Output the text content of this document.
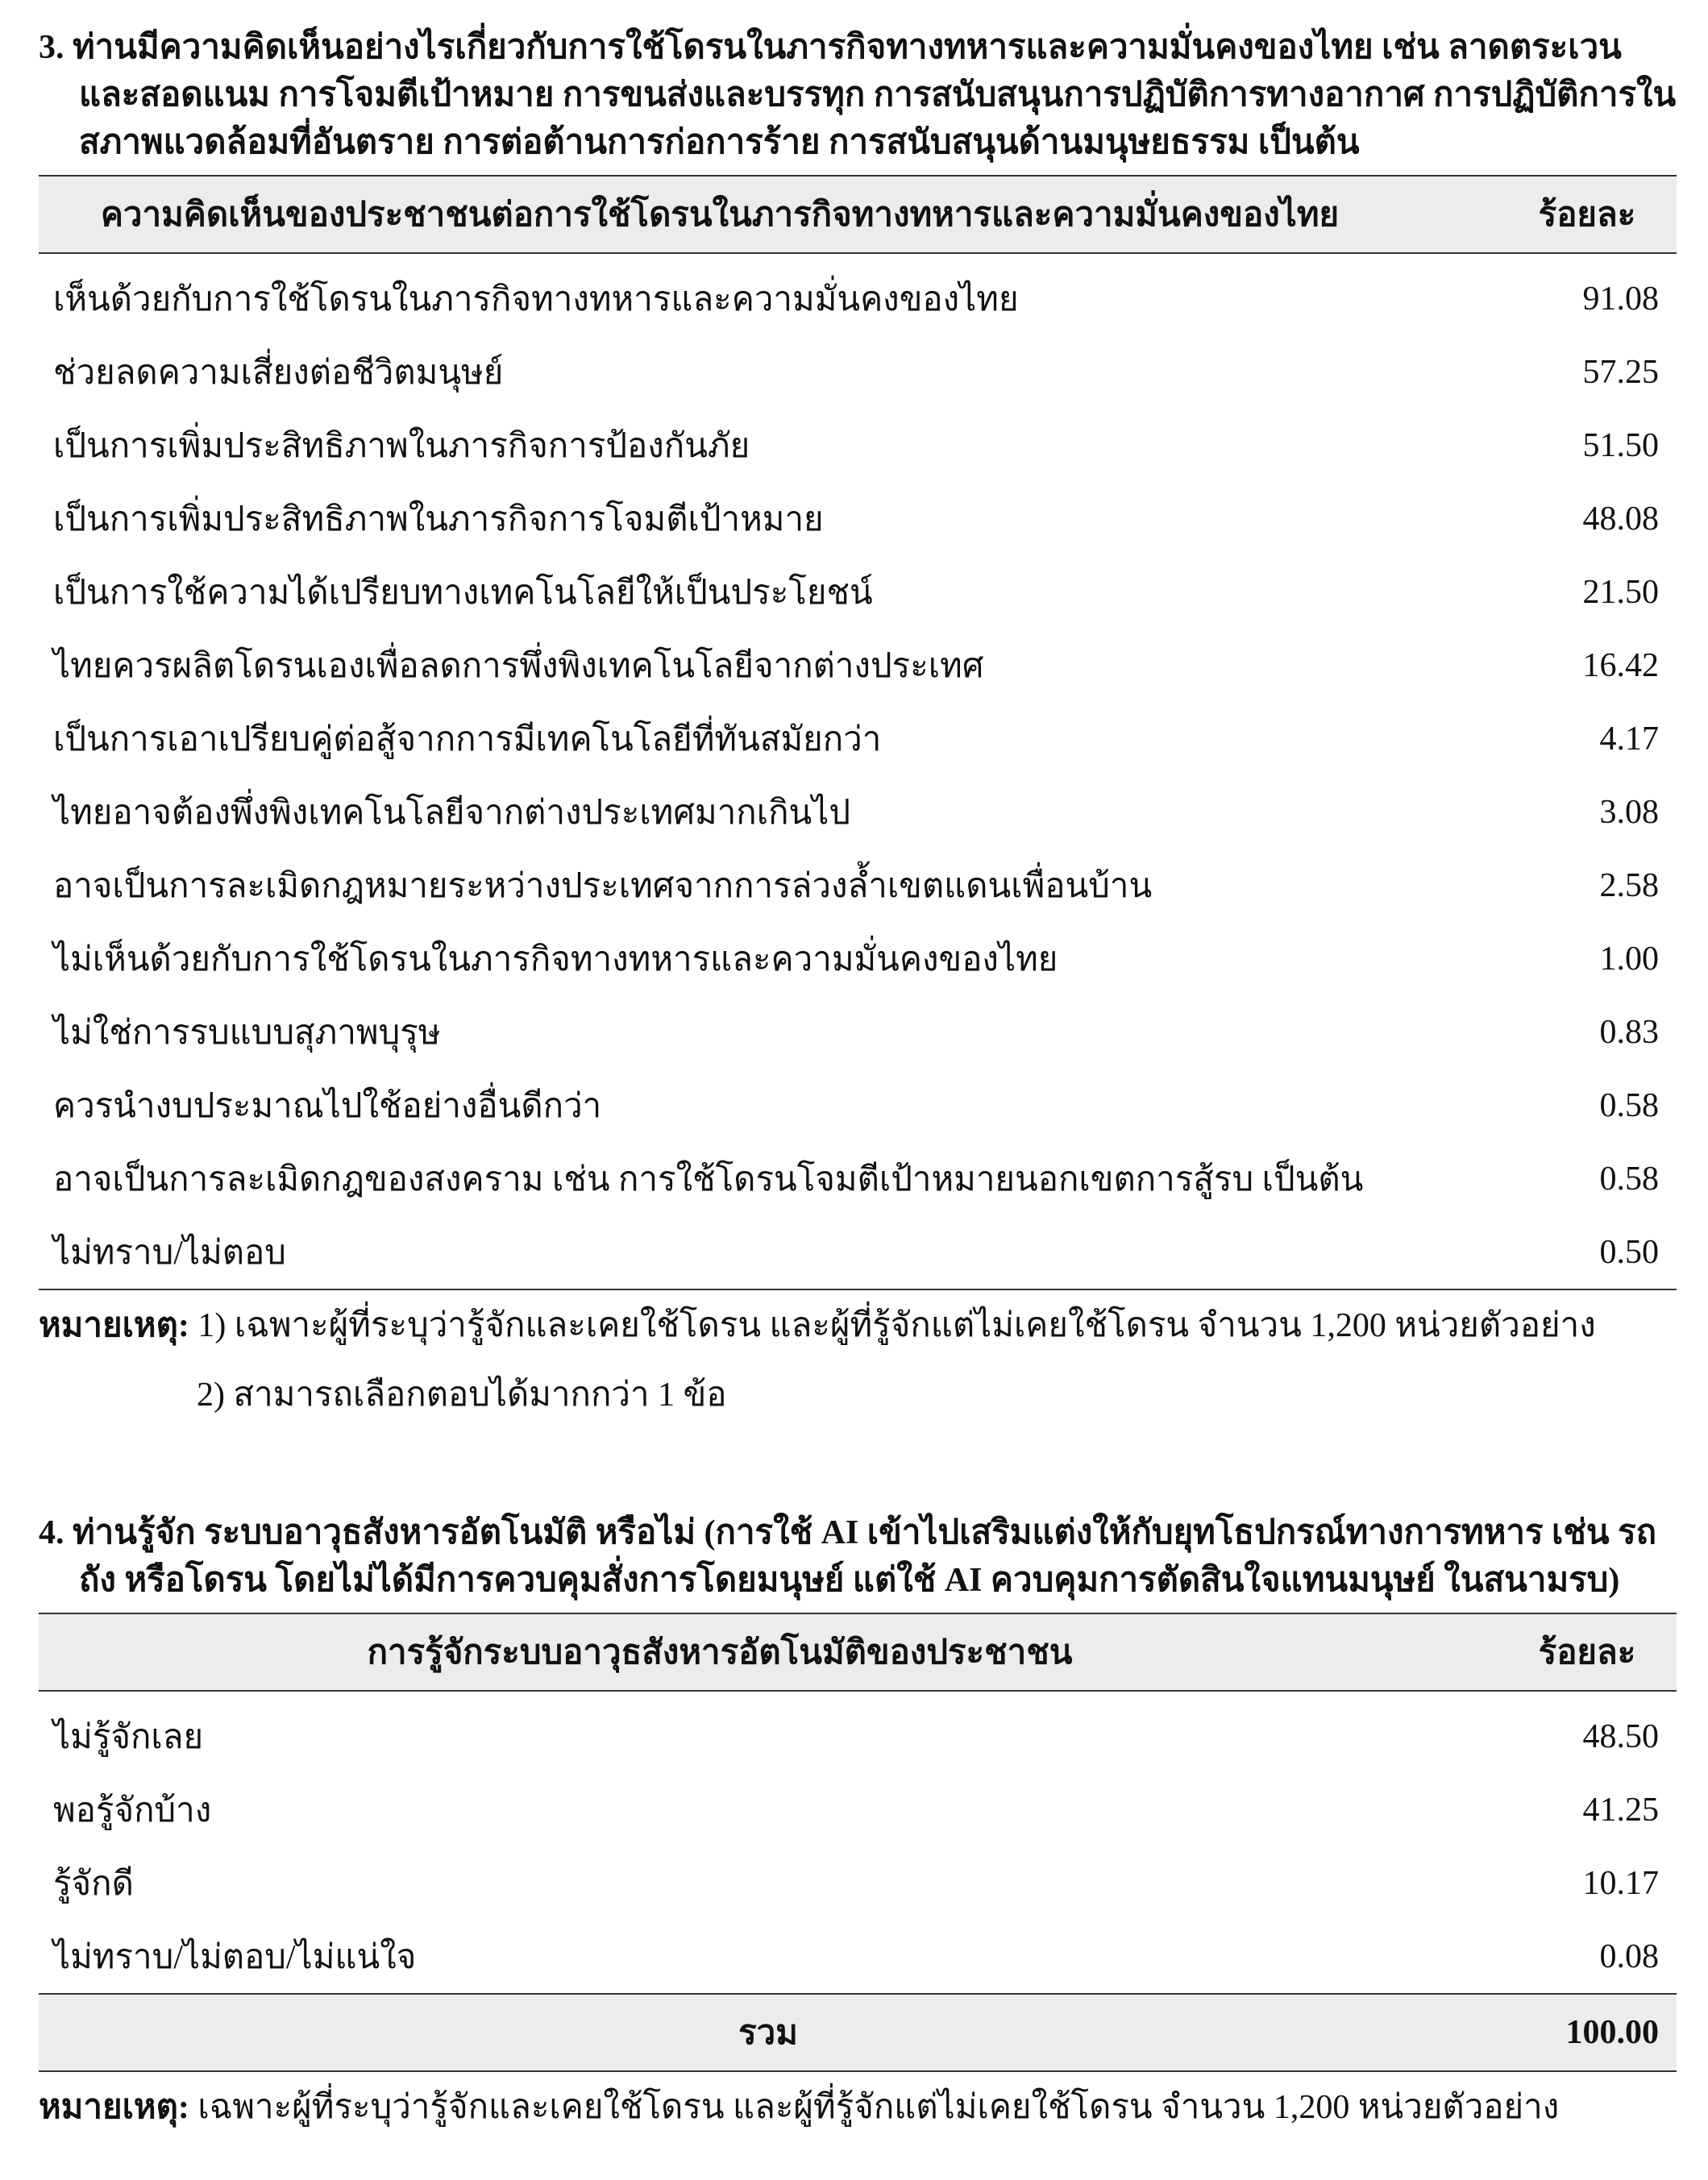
3. ท่านมีความคิดเห็นอย่างไรเกี่ยวกับการใช้โดรนในภารกิจทางทหารและความมั่นคงของไทย เช่น ลาดตระเวนและสอดแนม การโจมตีเป้าหมาย การขนส่งและบรรทุก การสนับสนุนการปฏิบัติการทางอากาศ การปฏิบัติการในสภาพแวดล้อมที่อันตราย การต่อต้านการก่อการร้าย การสนับสนุนด้านมนุษยธรรม เป็นต้น

ความคิดเห็นของประชาชนต่อการใช้โดรนในภารกิจทางทหารและความมั่นคงของไทย	ร้อยละ
เห็นด้วยกับการใช้โดรนในภารกิจทางทหารและความมั่นคงของไทย	91.08
ช่วยลดความเสี่ยงต่อชีวิตมนุษย์	57.25
เป็นการเพิ่มประสิทธิภาพในภารกิจการป้องกันภัย	51.50
เป็นการเพิ่มประสิทธิภาพในภารกิจการโจมตีเป้าหมาย	48.08
เป็นการใช้ความได้เปรียบทางเทคโนโลยีให้เป็นประโยชน์	21.50
ไทยควรผลิตโดรนเองเพื่อลดการพึ่งพิงเทคโนโลยีจากต่างประเทศ	16.42
เป็นการเอาเปรียบคู่ต่อสู้จากการมีเทคโนโลยีที่ทันสมัยกว่า	4.17
ไทยอาจต้องพึ่งพิงเทคโนโลยีจากต่างประเทศมากเกินไป	3.08
อาจเป็นการละเมิดกฎหมายระหว่างประเทศจากการล่วงล้ำเขตแดนเพื่อนบ้าน	2.58
ไม่เห็นด้วยกับการใช้โดรนในภารกิจทางทหารและความมั่นคงของไทย	1.00
ไม่ใช่การรบแบบสุภาพบุรุษ	0.83
ควรนำงบประมาณไปใช้อย่างอื่นดีกว่า	0.58
อาจเป็นการละเมิดกฎของสงคราม เช่น การใช้โดรนโจมตีเป้าหมายนอกเขตการสู้รบ เป็นต้น	0.58
ไม่ทราบ/ไม่ตอบ	0.50
หมายเหตุ: 1) เฉพาะผู้ที่ระบุว่ารู้จักและเคยใช้โดรน และผู้ที่รู้จักแต่ไม่เคยใช้โดรน จำนวน 1,200 หน่วยตัวอย่าง
2) สามารถเลือกตอบได้มากกว่า 1 ข้อ

4. ท่านรู้จัก ระบบอาวุธสังหารอัตโนมัติ หรือไม่ (การใช้ AI เข้าไปเสริมแต่งให้กับยุทโธปกรณ์ทางการทหาร เช่น รถถัง หรือโดรน โดยไม่ได้มีการควบคุมสั่งการโดยมนุษย์ แต่ใช้ AI ควบคุมการตัดสินใจแทนมนุษย์ ในสนามรบ)

การรู้จักระบบอาวุธสังหารอัตโนมัติของประชาชน	ร้อยละ
ไม่รู้จักเลย	48.50
พอรู้จักบ้าง	41.25
รู้จักดี	10.17
ไม่ทราบ/ไม่ตอบ/ไม่แน่ใจ	0.08
รวม	100.00
หมายเหตุ: เฉพาะผู้ที่ระบุว่ารู้จักและเคยใช้โดรน และผู้ที่รู้จักแต่ไม่เคยใช้โดรน จำนวน 1,200 หน่วยตัวอย่าง
